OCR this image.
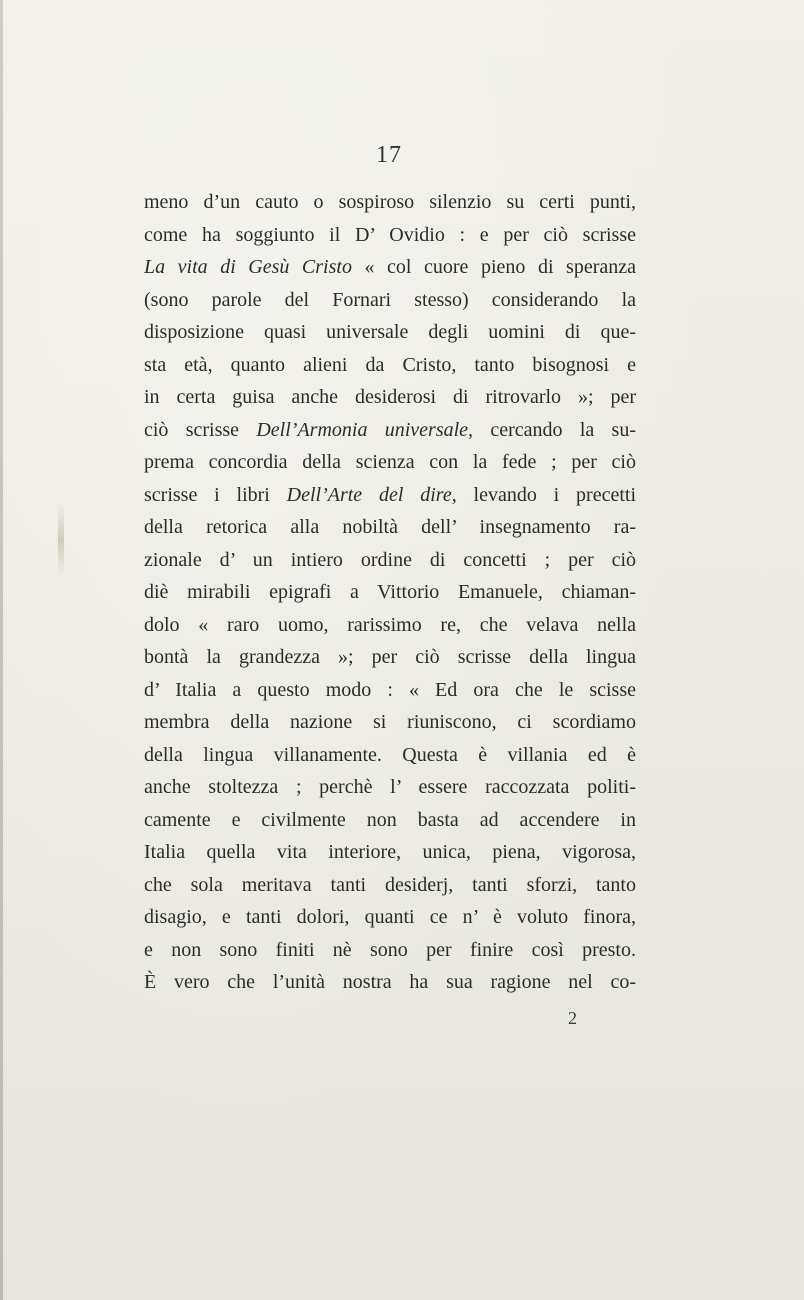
17
meno d’un cauto o sospiroso silenzio su certi punti,
come ha soggiunto il D’ Ovidio : e per ciò scrisse
La vita di Gesù Cristo « col cuore pieno di speranza
(sono parole del Fornari stesso) considerando la
disposizione quasi universale degli uomini di que-
sta età, quanto alieni da Cristo, tanto bisognosi e
in certa guisa anche desiderosi di ritrovarlo »; per
ciò scrisse Dell’Armonia universale, cercando la su-
prema concordia della scienza con la fede ; per ciò
scrisse i libri Dell’Arte del dire, levando i precetti
della retorica alla nobiltà dell’ insegnamento ra-
zionale d’ un intiero ordine di concetti ; per ciò
diè mirabili epigrafi a Vittorio Emanuele, chiaman-
dolo « raro uomo, rarissimo re, che velava nella
bontà la grandezza »; per ciò scrisse della lingua
d’ Italia a questo modo : « Ed ora che le scisse
membra della nazione si riuniscono, ci scordiamo
della lingua villanamente. Questa è villania ed è
anche stoltezza ; perchè l’ essere raccozzata politi-
camente e civilmente non basta ad accendere in
Italia quella vita interiore, unica, piena, vigorosa,
che sola meritava tanti desiderj, tanti sforzi, tanto
disagio, e tanti dolori, quanti ce n’ è voluto finora,
e non sono finiti nè sono per finire così presto.
È vero che l’unità nostra ha sua ragione nel co-
2
